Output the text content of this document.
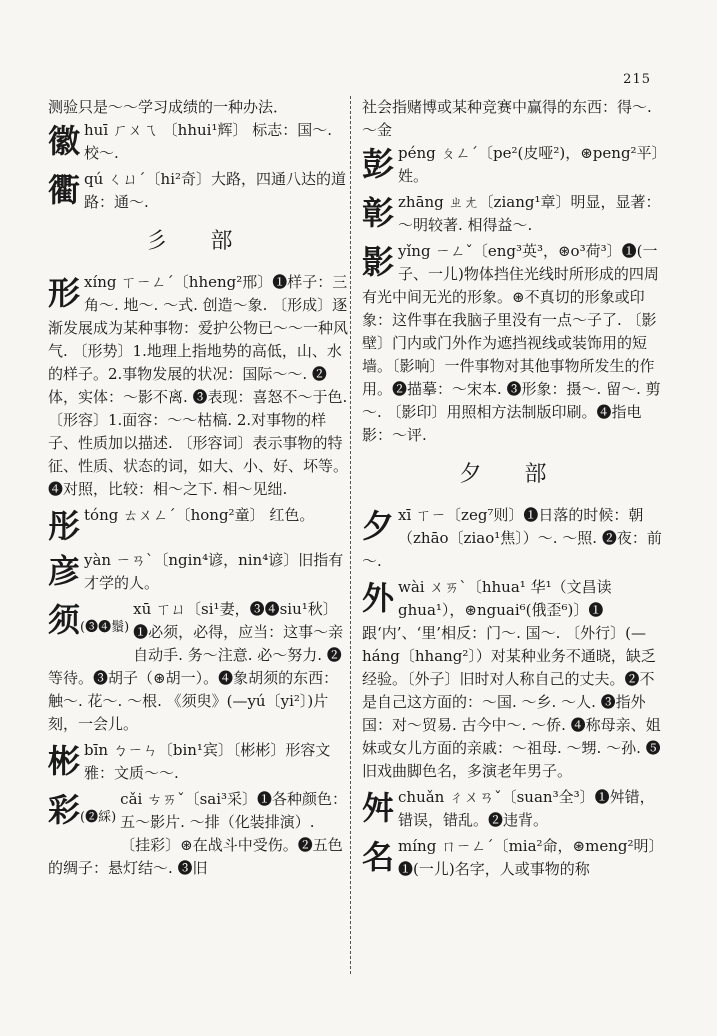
215
测验只是～～学习成绩的一种办法．
徽 huī ㄏㄨㄟ 〔hhui¹辉〕 标志：国～. 校～.
衢 qú ㄑㄩˊ〔hi²奇〕大路，四通八达的道路：通～.
彡 部
形 xíng ㄒㄧㄥˊ〔hheng²邢〕❶样子：三角～. 地～. ～式. 创造～象. 〔形成〕逐渐发展成为某种事物：爱护公物已～～一种风气. 〔形势〕1.地理上指地势的高低，山、水的样子。2.事物发展的状况：国际～～. ❷体，实体：～影不离. ❸表现：喜怒不～于色. 〔形容〕1.面容：～～枯槁. 2.对事物的样子、性质加以描述. 〔形容词〕表示事物的特征、性质、状态的词，如大、小、好、坏等。❹对照，比较：相～之下. 相～见绌.
彤 tóng ㄊㄨㄥˊ〔hong²童〕 红色。
彦 yàn ㄧㄢˋ〔ngin⁴谚，nin⁴谚〕旧指有才学的人。
须(❸❹鬚)
xū ㄒㄩ〔si¹妻，❸❹siu¹秋〕❶必须，必得，应当：这事～亲自动手. 务～注意. 必～努力. ❷等待。❸胡子（⊛胡一）。❹象胡须的东西：触～. 花～. ～根. 《须臾》(—yú〔yi²〕)片刻，一会儿。
彬 bīn ㄅㄧㄣ〔bin¹宾〕〔彬彬〕形容文雅：文质～～.
彩(❷綵)
cǎi ㄘㄞˇ〔sai³采〕❶各种颜色：五～影片. ～排（化装排演）. 〔挂彩〕⊛在战斗中受伤。❷五色的绸子：悬灯结～. ❸旧
社会指赌博或某种竞赛中赢得的东西：得～. ～金
彭 péng ㄆㄥˊ〔pe²(皮哑²)，⊛peng²平〕姓。
彰 zhāng ㄓㄤ〔ziang¹章〕明显，显著：～明较著. 相得益～.
影 yǐng ㄧㄥˇ〔eng³英³，⊛o³荷³〕❶(一子、一儿)物体挡住光线时所形成的四周有光中间无光的形象。⊛不真切的形象或印象：这件事在我脑子里没有一点～子了. 〔影壁〕门内或门外作为遮挡视线或装饰用的短墙。〔影响〕一件事物对其他事物所发生的作用。❷描摹：～宋本. ❸形象：摄～. 留～. 剪～. 〔影印〕用照相方法制版印刷。❹指电影：～评.
夕 部
夕 xī ㄒㄧ〔zeg⁷则〕❶日落的时候：朝（zhāo〔ziao¹焦〕）～. ～照. ❷夜：前～.
外 wài ㄨㄞˋ〔hhua¹ 华¹（文昌读ghua¹），⊛nguai⁶(俄歪⁶)〕❶跟‘内’、‘里’相反：门～. 国～. 〔外行〕(—háng〔hhang²〕）对某种业务不通晓，缺乏经验。〔外子〕旧时对人称自己的丈夫。❷不是自己这方面的：～国. ～乡. ～人. ❸指外国：对～贸易. 古今中～. ～侨. ❹称母亲、姐妹或女儿方面的亲戚：～祖母. ～甥. ～孙. ❺旧戏曲脚色名，多演老年男子。
舛 chuǎn ㄔㄨㄢˇ〔suan³全³〕❶舛错，错误，错乱。❷违背。
名 míng ㄇㄧㄥˊ〔mia²命，⊛meng²明〕❶(一儿)名字，人或事物的称
